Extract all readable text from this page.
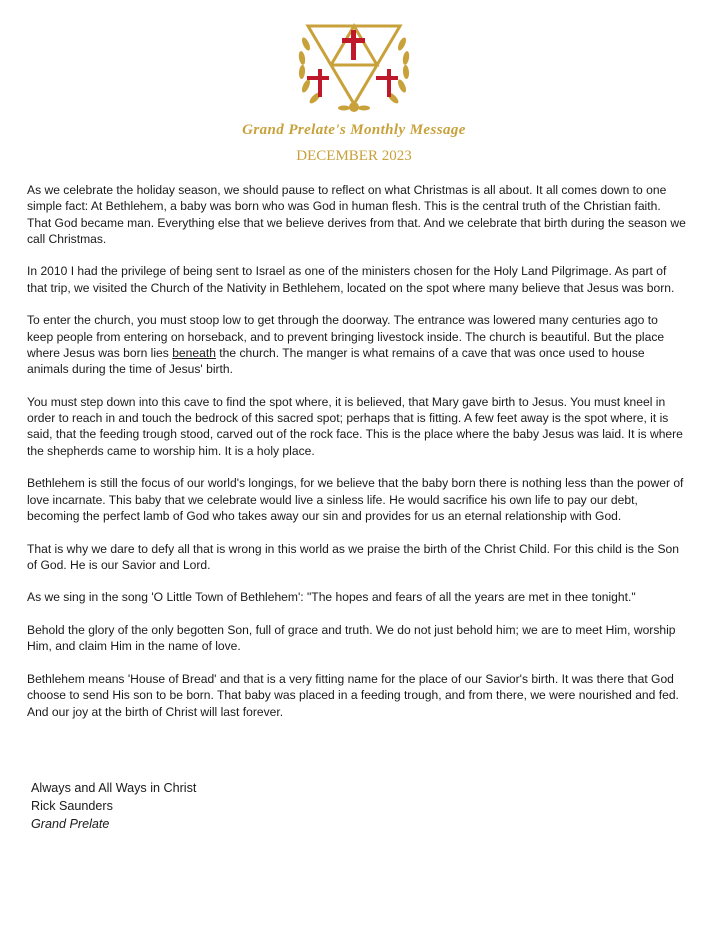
Grand Prelate's Monthly Message
DECEMBER 2023

As we celebrate the holiday season, we should pause to reflect on what Christmas is all about. It all comes down to one simple fact: At Bethlehem, a baby was born who was God in human flesh. This is the central truth of the Christian faith. That God became man. Everything else that we believe derives from that. And we celebrate that birth during the season we call Christmas.

In 2010 I had the privilege of being sent to Israel as one of the ministers chosen for the Holy Land Pilgrimage. As part of that trip, we visited the Church of the Nativity in Bethlehem, located on the spot where many believe that Jesus was born.

To enter the church, you must stoop low to get through the doorway. The entrance was lowered many centuries ago to keep people from entering on horseback, and to prevent bringing livestock inside. The church is beautiful. But the place where Jesus was born lies beneath the church. The manger is what remains of a cave that was once used to house animals during the time of Jesus' birth.

You must step down into this cave to find the spot where, it is believed, that Mary gave birth to Jesus. You must kneel in order to reach in and touch the bedrock of this sacred spot; perhaps that is fitting. A few feet away is the spot where, it is said, that the feeding trough stood, carved out of the rock face. This is the place where the baby Jesus was laid. It is where the shepherds came to worship him. It is a holy place.

Bethlehem is still the focus of our world's longings, for we believe that the baby born there is nothing less than the power of love incarnate. This baby that we celebrate would live a sinless life. He would sacrifice his own life to pay our debt, becoming the perfect lamb of God who takes away our sin and provides for us an eternal relationship with God.

That is why we dare to defy all that is wrong in this world as we praise the birth of the Christ Child. For this child is the Son of God. He is our Savior and Lord.

As we sing in the song 'O Little Town of Bethlehem': "The hopes and fears of all the years are met in thee tonight."

Behold the glory of the only begotten Son, full of grace and truth. We do not just behold him; we are to meet Him, worship Him, and claim Him in the name of love.

Bethlehem means 'House of Bread' and that is a very fitting name for the place of our Savior's birth. It was there that God choose to send His son to be born. That baby was placed in a feeding trough, and from there, we were nourished and fed. And our joy at the birth of Christ will last forever.

Always and All Ways in Christ
Rick Saunders
Grand Prelate
